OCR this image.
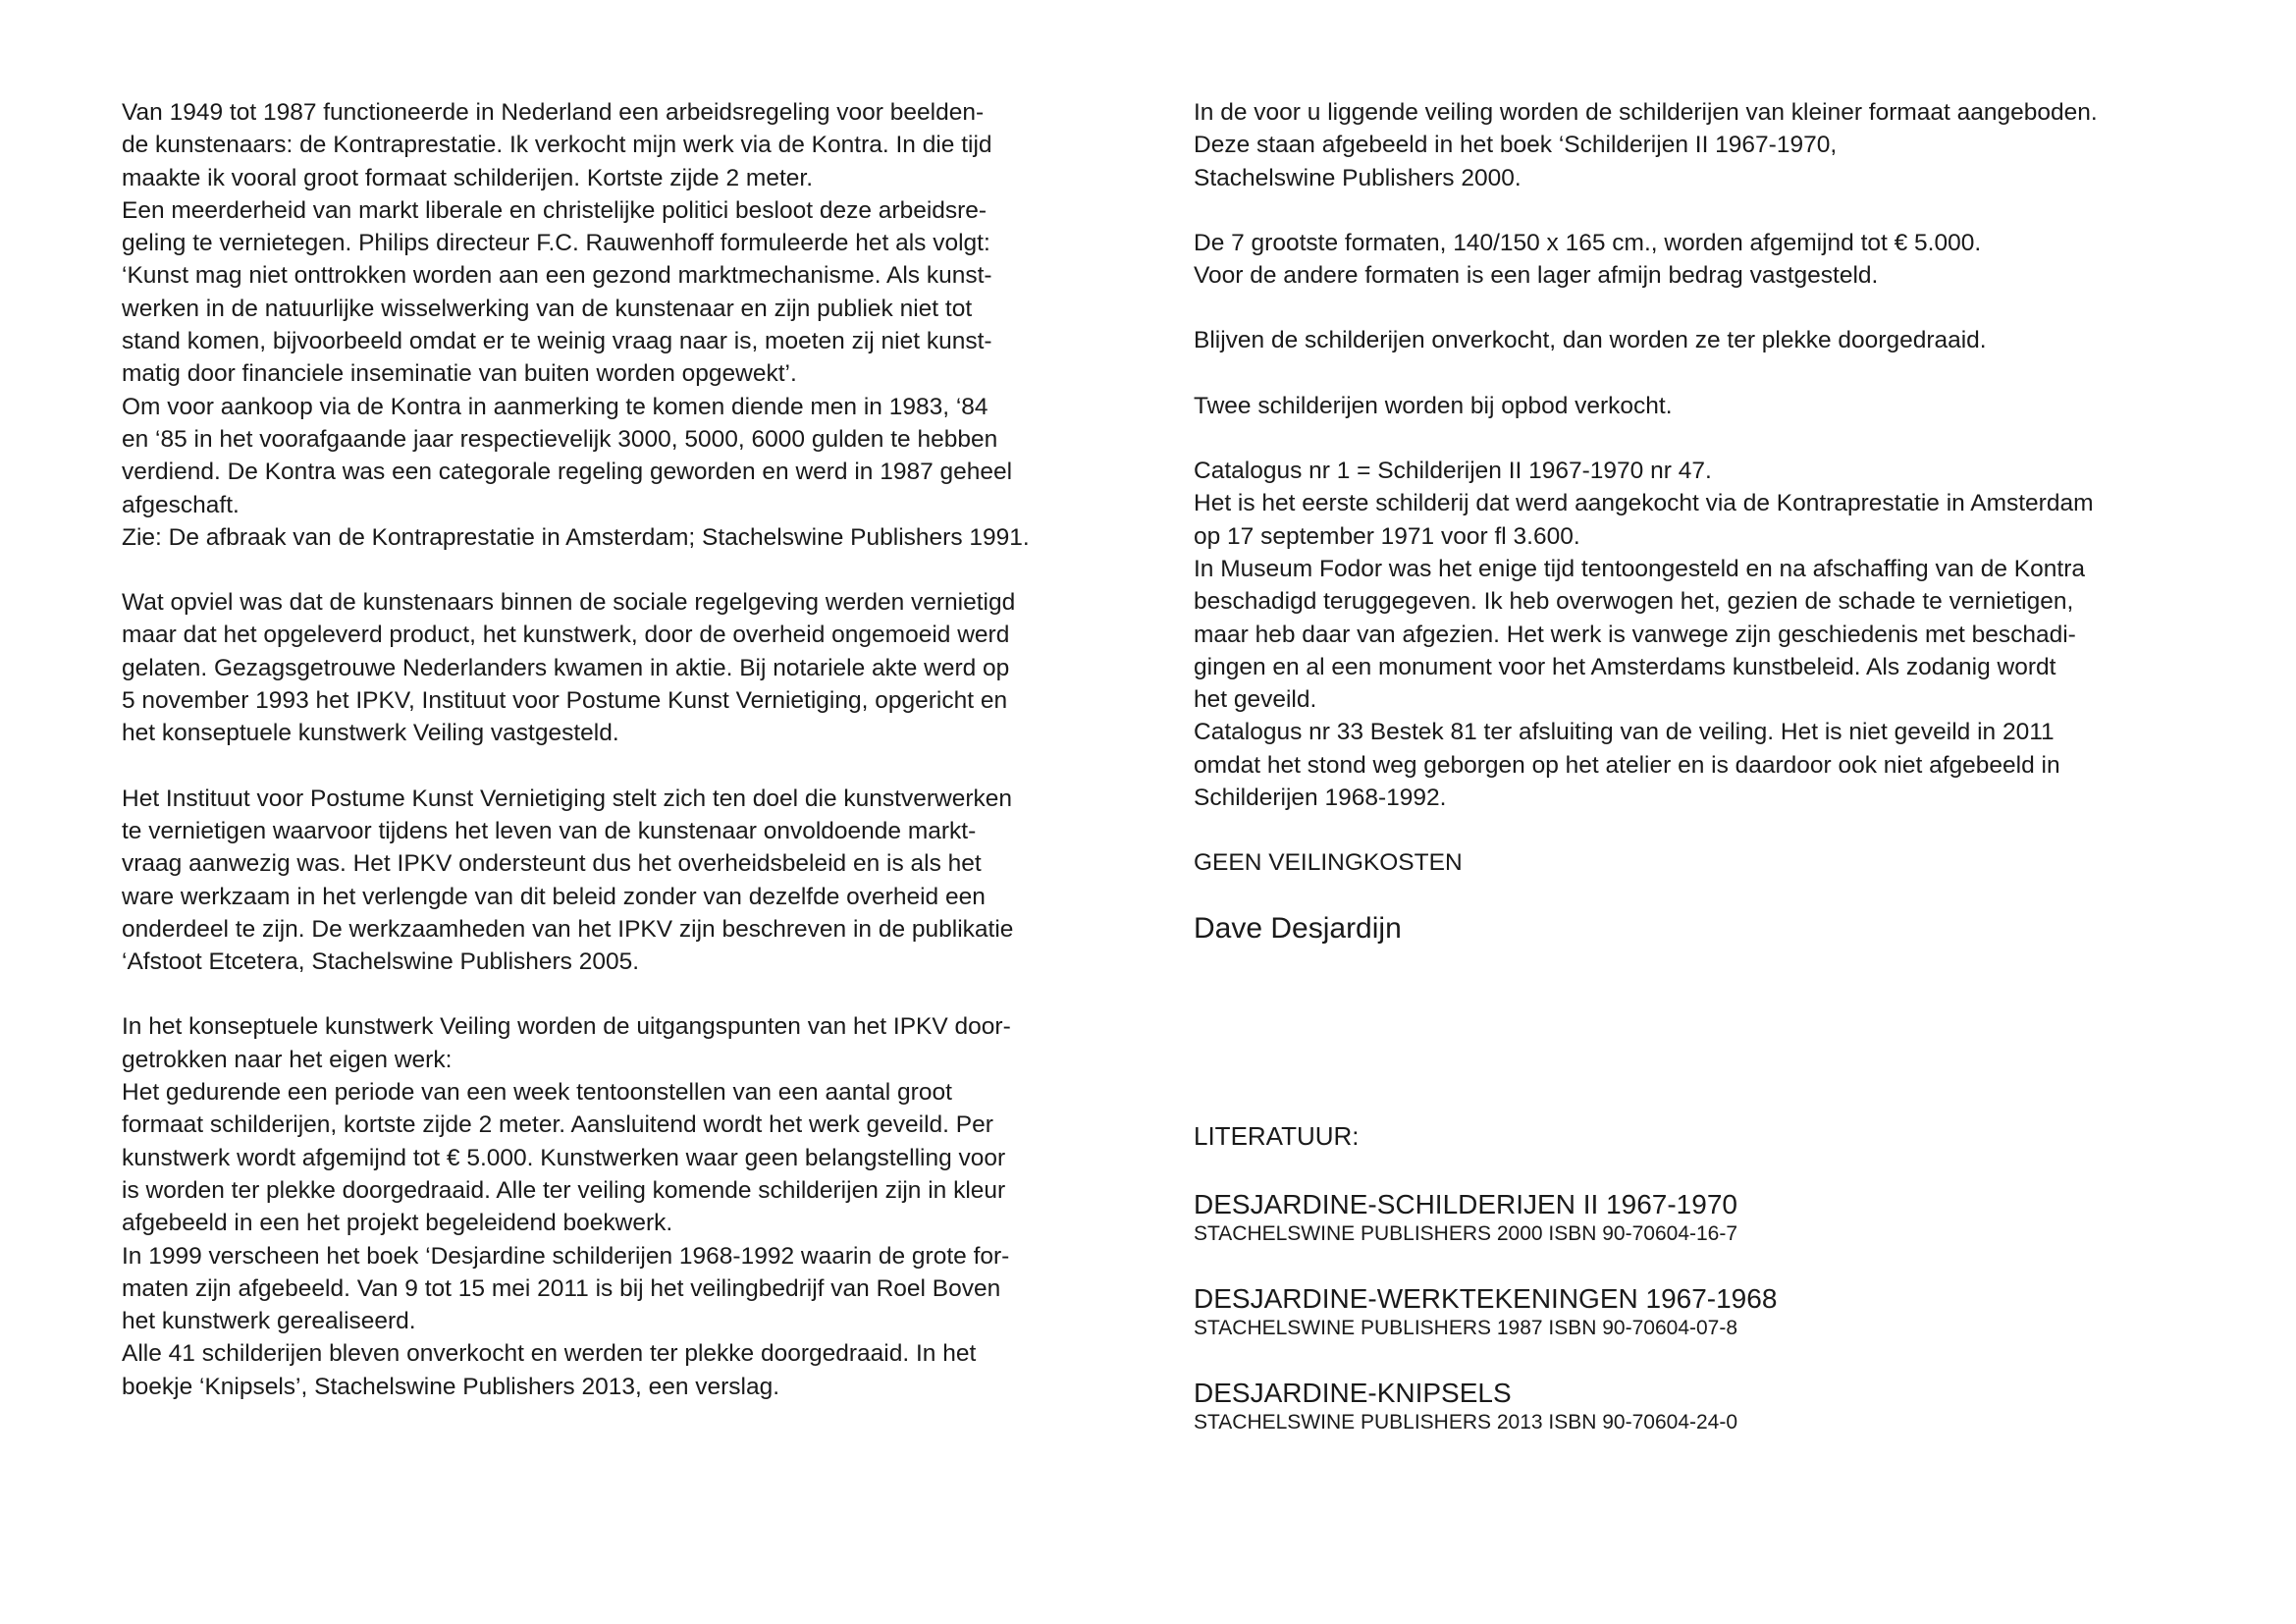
Van 1949 tot 1987 functioneerde in Nederland een arbeidsregeling voor beelden-
de kunstenaars: de Kontraprestatie. Ik verkocht mijn werk via de Kontra. In die tijd
maakte ik vooral groot formaat schilderijen. Kortste zijde 2 meter.
Een meerderheid van markt liberale en christelijke politici besloot deze arbeidsre-
geling te vernietegen. Philips directeur F.C. Rauwenhoff formuleerde het als volgt:
‘Kunst mag niet onttrokken worden aan een gezond marktmechanisme. Als kunst-
werken in de natuurlijke wisselwerking van de kunstenaar en zijn publiek niet tot
stand komen, bijvoorbeeld omdat er te weinig vraag naar is, moeten zij niet kunst-
matig door financiele inseminatie van buiten worden opgewekt’.
Om voor aankoop via de Kontra in aanmerking te komen diende men in 1983, ‘84
en ‘85 in het voorafgaande jaar respectievelijk 3000, 5000, 6000 gulden te hebben
verdiend. De Kontra was een categorale regeling geworden en werd in 1987 geheel
afgeschaft.
Zie: De afbraak van de Kontraprestatie in Amsterdam; Stachelswine Publishers 1991.

Wat opviel was dat de kunstenaars binnen de sociale regelgeving werden vernietigd
maar dat het opgeleverd product, het kunstwerk, door de overheid ongemoeid werd
gelaten. Gezagsgetrouwe Nederlanders kwamen in aktie. Bij notariele akte werd op
5 november 1993 het IPKV, Instituut voor Postume Kunst Vernietiging, opgericht en
het konseptuele kunstwerk Veiling vastgesteld.

Het Instituut voor Postume Kunst Vernietiging stelt zich ten doel die kunstverwerken
te vernietigen waarvoor tijdens het leven van de kunstenaar onvoldoende markt-
vraag aanwezig was. Het IPKV ondersteunt dus het overheidsbeleid en is als het
ware werkzaam in het verlengde van dit beleid zonder van dezelfde overheid een
onderdeel te zijn. De werkzaamheden van het IPKV zijn beschreven in de publikatie
‘Afstoot Etcetera, Stachelswine Publishers 2005.

In het konseptuele kunstwerk Veiling worden de uitgangspunten van het IPKV door-
getrokken naar het eigen werk:
Het gedurende een periode van een week tentoonstellen van een aantal groot
formaat schilderijen, kortste zijde 2 meter. Aansluitend wordt het werk geveild. Per
kunstwerk wordt afgemijnd tot € 5.000. Kunstwerken waar geen belangstelling voor
is worden ter plekke doorgedraaid. Alle ter veiling komende schilderijen zijn in kleur
afgebeeld in een het projekt begeleidend boekwerk.
In 1999 verscheen het boek ‘Desjardine schilderijen 1968-1992 waarin de grote for-
maten zijn afgebeeld. Van 9 tot 15 mei 2011 is bij het veilingbedrijf van Roel Boven
het kunstwerk gerealiseerd.
Alle 41 schilderijen bleven onverkocht en werden ter plekke doorgedraaid. In het
boekje ‘Knipsels’, Stachelswine Publishers 2013, een verslag.

In de voor u liggende veiling worden de schilderijen van kleiner formaat aangeboden.
Deze staan afgebeeld in het boek ‘Schilderijen II 1967-1970,
Stachelswine Publishers 2000.

De 7 grootste formaten, 140/150 x 165 cm., worden afgemijnd tot € 5.000.
Voor de andere formaten is een lager afmijn bedrag vastgesteld.

Blijven de schilderijen onverkocht, dan worden ze ter plekke doorgedraaid.

Twee schilderijen worden bij opbod verkocht.

Catalogus nr 1 = Schilderijen II 1967-1970 nr 47.
Het is het eerste schilderij dat werd aangekocht via de Kontraprestatie in Amsterdam
op 17 september 1971 voor fl 3.600.
In Museum Fodor was het enige tijd tentoongesteld en na afschaffing van de Kontra
beschadigd teruggegeven. Ik heb overwogen het, gezien de schade te vernietigen,
maar heb daar van afgezien. Het werk is vanwege zijn geschiedenis met beschadi-
gingen en al een monument voor het Amsterdams kunstbeleid. Als zodanig wordt
het geveild.
Catalogus nr 33 Bestek 81 ter afsluiting van de veiling. Het is niet geveild in 2011
omdat het stond weg geborgen op het atelier en is daardoor ook niet afgebeeld in
Schilderijen 1968-1992.

GEEN VEILINGKOSTEN

Dave Desjardijn

LITERATUUR:

DESJARDINE-SCHILDERIJEN II 1967-1970

STACHELSWINE PUBLISHERS 2000 ISBN 90-70604-16-7

DESJARDINE-WERKTEKENINGEN 1967-1968

STACHELSWINE PUBLISHERS 1987 ISBN 90-70604-07-8

DESJARDINE-KNIPSELS

STACHELSWINE PUBLISHERS 2013 ISBN 90-70604-24-0
